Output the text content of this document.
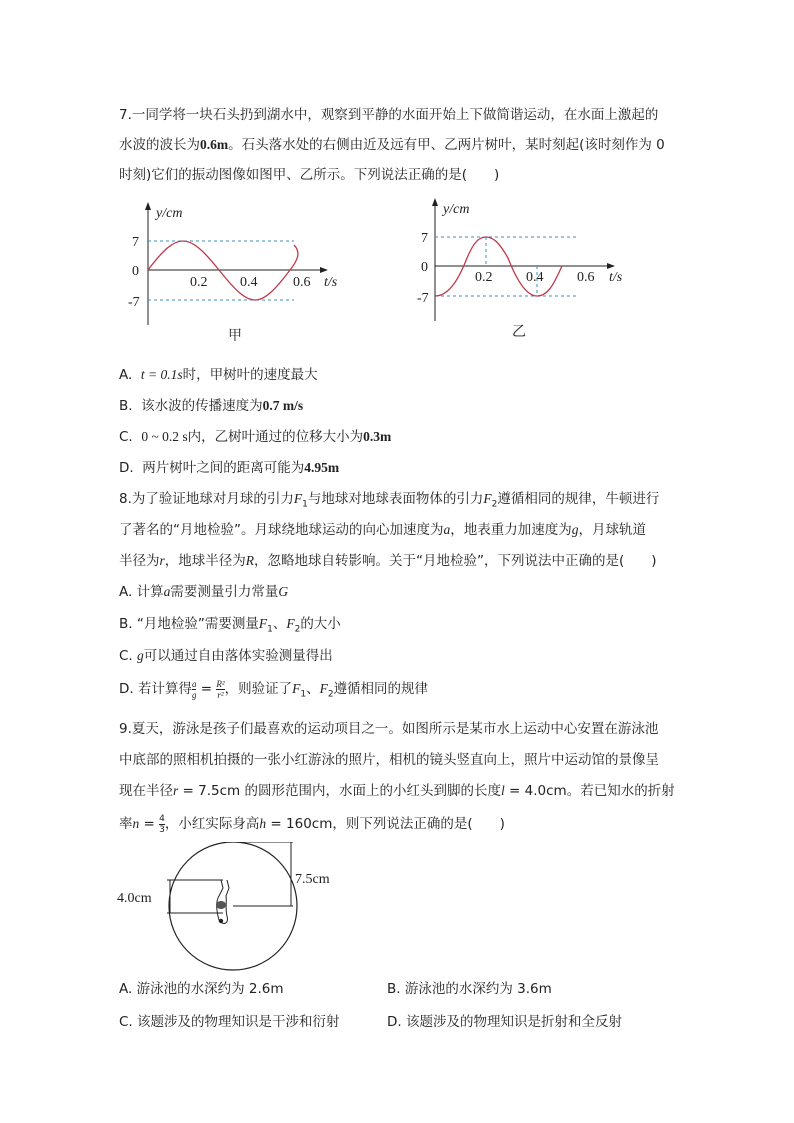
7.一同学将一块石头扔到湖水中，观察到平静的水面开始上下做简谐运动，在水面上激起的
水波的波长为0.6m。石头落水处的右侧由近及远有甲、乙两片树叶，某时刻起(该时刻作为 0
时刻)它们的振动图像如图甲、乙所示。下列说法正确的是(　　)
y/cm
7
0
-7
0.2 0.4	0.6 t/s
甲
y/cm
7
0
-7
0.2 0.4 0.6 t/s
乙
A. t = 0.1s时，甲树叶的速度最大
B. 该水波的传播速度为0.7 m/s
C. 0 ~ 0.2 s内，乙树叶通过的位移大小为0.3m
D. 两片树叶之间的距离可能为4.95m
8.为了验证地球对月球的引力$F_1$与地球对地球表面物体的引力$F_2$遵循相同的规律，牛顿进行
了著名的“月地检验”。月球绕地球运动的向心加速度为a，地表重力加速度为g，月球轨道
半径为r，地球半径为R，忽略地球自转影响。关于“月地检验”，下列说法中正确的是(　　)
A. 计算a需要测量引力常量G
B. “月地检验”需要测量$F_1$、$F_2$的大小
C. g可以通过自由落体实验测量得出
D. 若计算得 $\frac{a}{g} = \frac{\text{R²}}{\text{r²}}$ ，则验证了$F_1$、$F_2$遵循相同的规律
9.夏天，游泳是孩子们最喜欢的运动项目之一。如图所示是某市水上运动中心安置在游泳池
中底部的照相机拍摄的一张小红游泳的照片，相机的镜头竖直向上，照片中运动馆的景像呈
现在半径r = 7.5cm 的圆形范围内，水面上的小红头到脚的长度l = 4.0cm。若已知水的折射
率$n = \frac{4}{3}$ ，小红实际身高h = 160cm，则下列说法正确的是(　　)
7.5cm
4.0cm
A. 游泳池的水深约为 2.6m	B. 游泳池的水深约为 3.6m
C. 该题涉及的物理知识是干涉和衍射	D. 该题涉及的物理知识是折射和全反射
